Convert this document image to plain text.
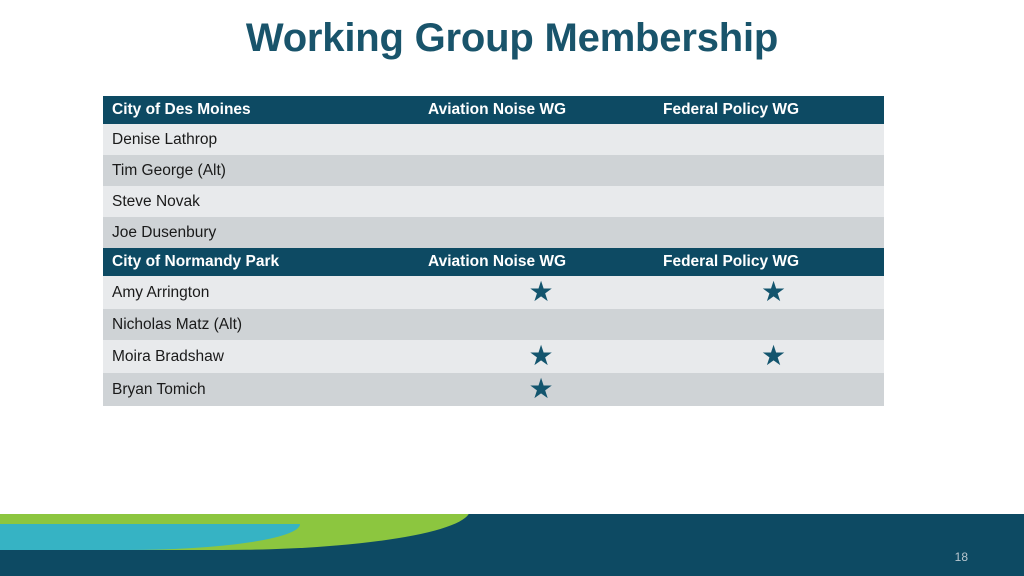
Working Group Membership
City of Des Moines	Aviation Noise WG	Federal Policy WG
Denise Lathrop		
Tim George (Alt)		
Steve Novak		
Joe Dusenbury		
City of Normandy Park	Aviation Noise WG	Federal Policy WG
Amy Arrington	★	★
Nicholas Matz (Alt)		
Moira Bradshaw	★	★
Bryan Tomich	★	
18
